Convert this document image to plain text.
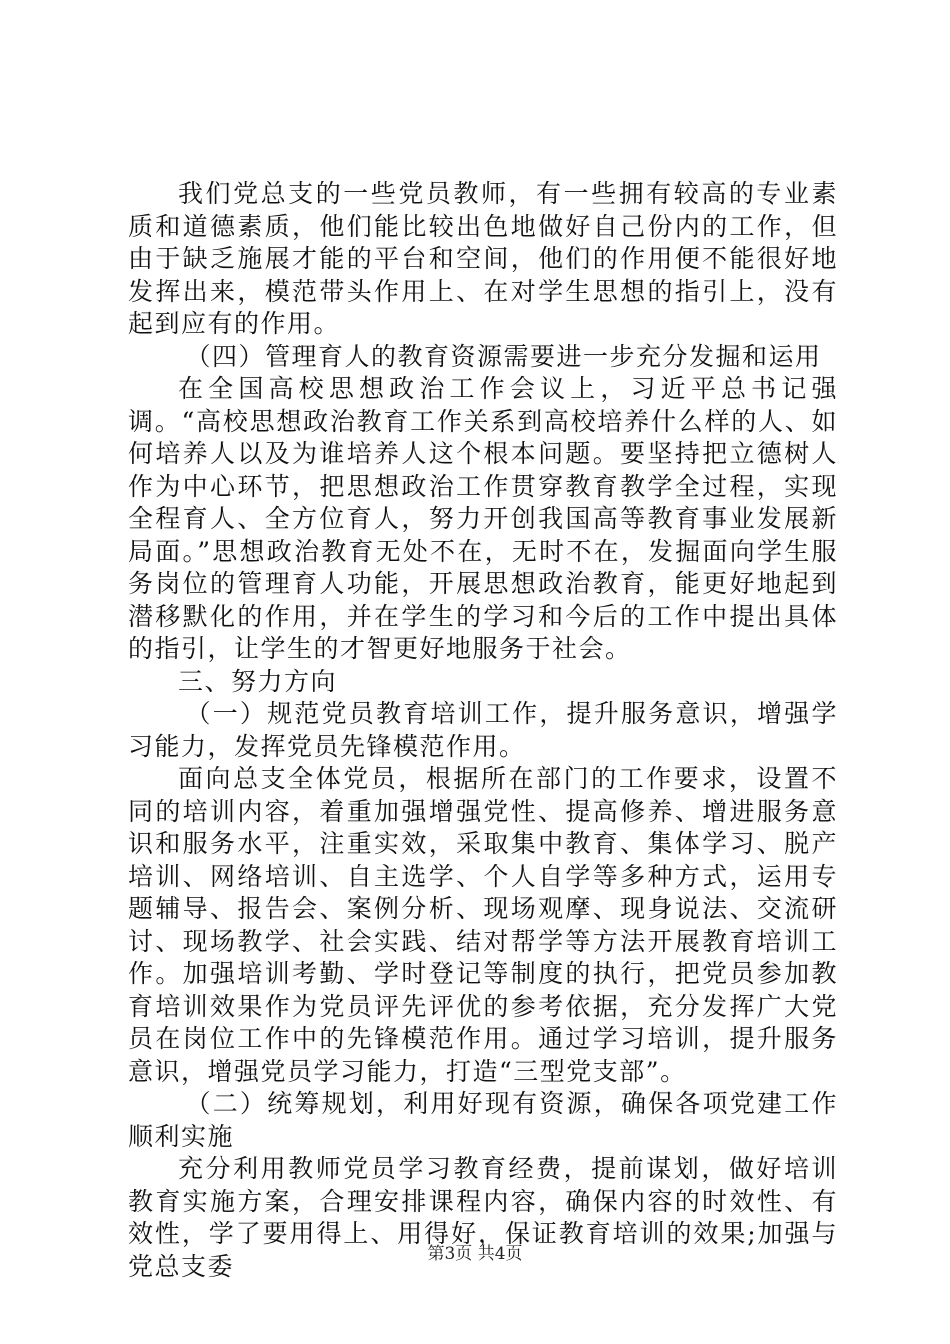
我们党总支的一些党员教师，有一些拥有较高的专业素质和道德素质，他们能比较出色地做好自己份内的工作，但由于缺乏施展才能的平台和空间，他们的作用便不能很好地发挥出来，模范带头作用上、在对学生思想的指引上，没有起到应有的作用。

（四）管理育人的教育资源需要进一步充分发掘和运用

在全国高校思想政治工作会议上，习近平总书记强调。“高校思想政治教育工作关系到高校培养什么样的人、如何培养人以及为谁培养人这个根本问题。要坚持把立德树人作为中心环节，把思想政治工作贯穿教育教学全过程，实现全程育人、全方位育人，努力开创我国高等教育事业发展新局面。”思想政治教育无处不在，无时不在，发掘面向学生服务岗位的管理育人功能，开展思想政治教育，能更好地起到潜移默化的作用，并在学生的学习和今后的工作中提出具体的指引，让学生的才智更好地服务于社会。

三、努力方向

（一）规范党员教育培训工作，提升服务意识，增强学习能力，发挥党员先锋模范作用。

面向总支全体党员，根据所在部门的工作要求，设置不同的培训内容，着重加强增强党性、提高修养、增进服务意识和服务水平，注重实效，采取集中教育、集体学习、脱产培训、网络培训、自主选学、个人自学等多种方式，运用专题辅导、报告会、案例分析、现场观摩、现身说法、交流研讨、现场教学、社会实践、结对帮学等方法开展教育培训工作。加强培训考勤、学时登记等制度的执行，把党员参加教育培训效果作为党员评先评优的参考依据，充分发挥广大党员在岗位工作中的先锋模范作用。通过学习培训，提升服务意识，增强党员学习能力，打造“三型党支部”。

（二）统筹规划，利用好现有资源，确保各项党建工作顺利实施

充分利用教师党员学习教育经费，提前谋划，做好培训教育实施方案，合理安排课程内容，确保内容的时效性、有效性，学了要用得上、用得好，保证教育培训的效果;加强与党总支委	第3页 共4页
